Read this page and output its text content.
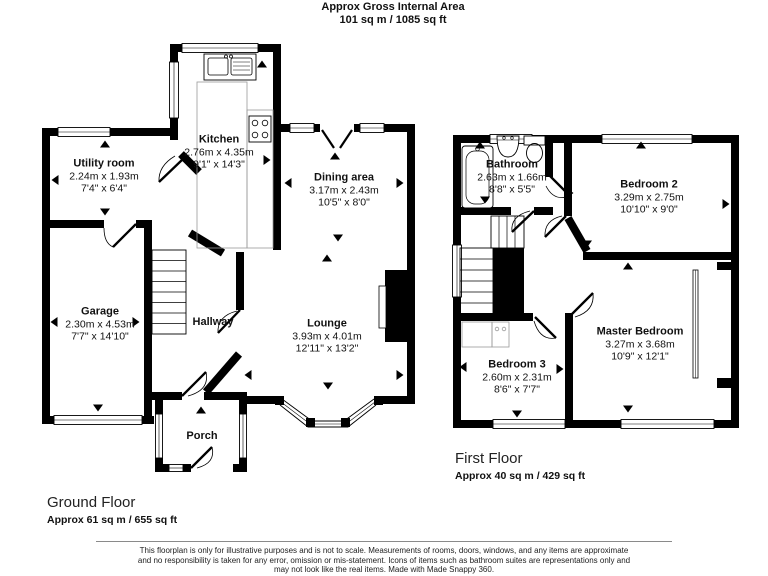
Approx Gross Internal Area
101 sq m / 1085 sq ft
Kitchen
2.76m x 4.35m
9'1" x 14'3"
Utility room
2.24m x 1.93m
7'4" x 6'4"
Dining area
3.17m x 2.43m
10'5" x 8'0"
Garage
2.30m x 4.53m
7'7" x 14'10"
Hallway	Lounge
3.93m x 4.01m
12'11" x 13'2"
Porch
Bathroom
2.63m x 1.66m
8'8" x 5'5"	Bedroom 2
3.29m x 2.75m
10'10" x 9'0"
Bedroom 3
2.60m x 2.31m
8'6" x 7'7"
Master Bedroom
3.27m x 3.68m
10'9" x 12'1"
Ground Floor
Approx 61 sq m / 655 sq ft
First Floor
Approx 40 sq m / 429 sq ft
This floorplan is only for illustrative purposes and is not to scale. Measurements of rooms, doors, windows, and any items are approximate
and no responsibility is taken for any error, omission or mis-statement. Icons of items such as bathroom suites are representations only and
may not look like the real items. Made with Made Snappy 360.
